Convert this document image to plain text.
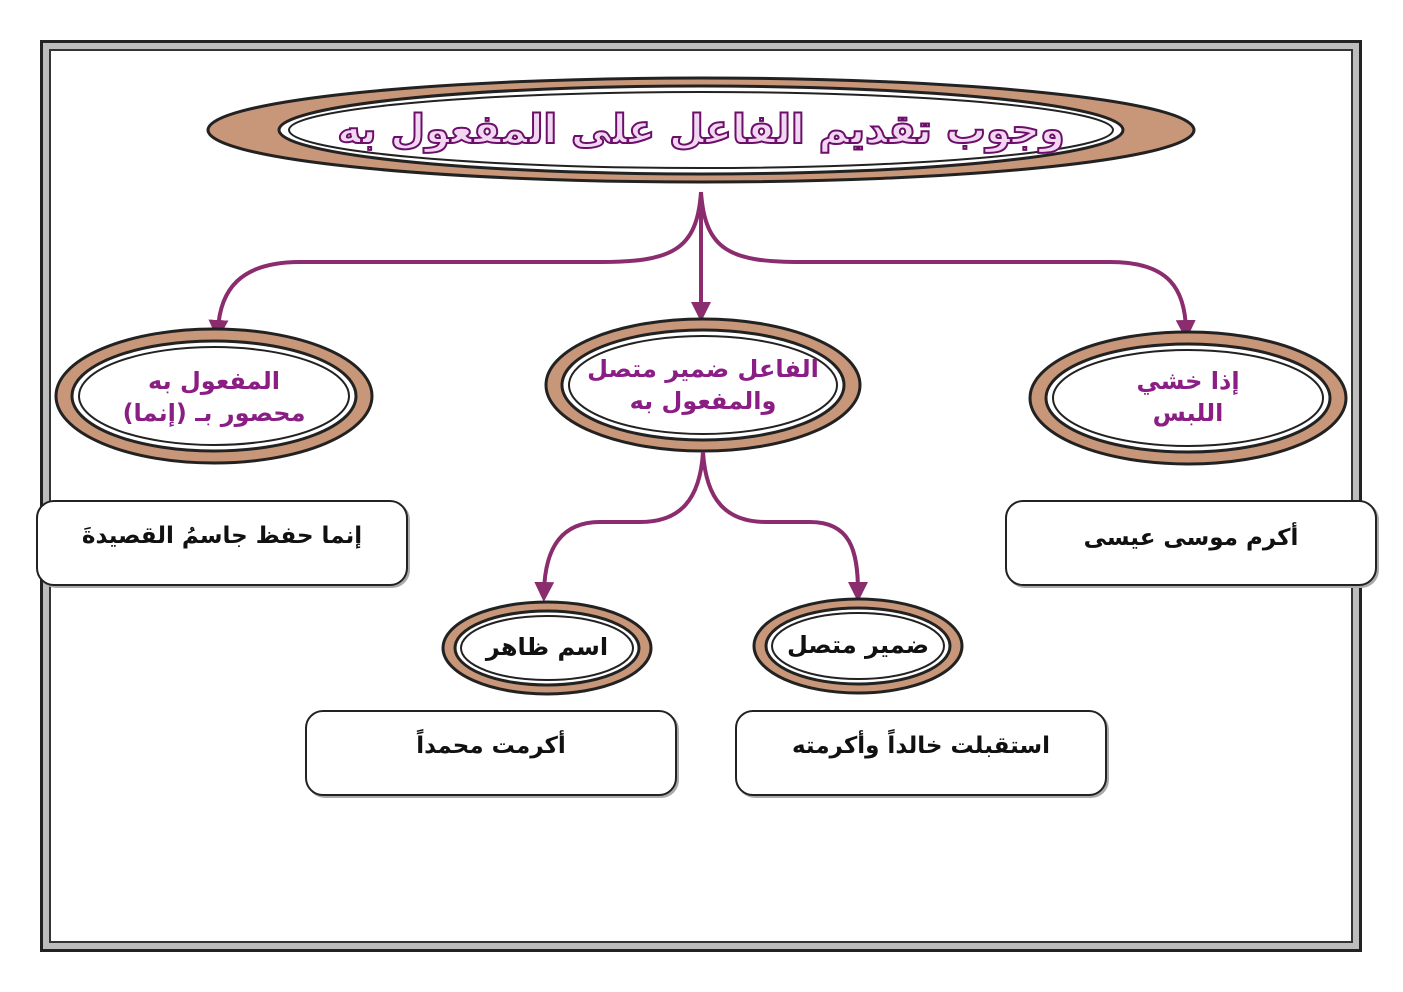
وجوب تقديم الفاعل على المفعول به
إذا خشي
اللبس
الفاعل ضمير متصل
والمفعول به
المفعول به
محصور بـ (إنما)
اسم ظاهر	ضمير متصل
أكرم موسى عيسى
إنما حفظ جاسمُ القصيدةَ
أكرمت محمداً	استقبلت خالداً وأكرمته
